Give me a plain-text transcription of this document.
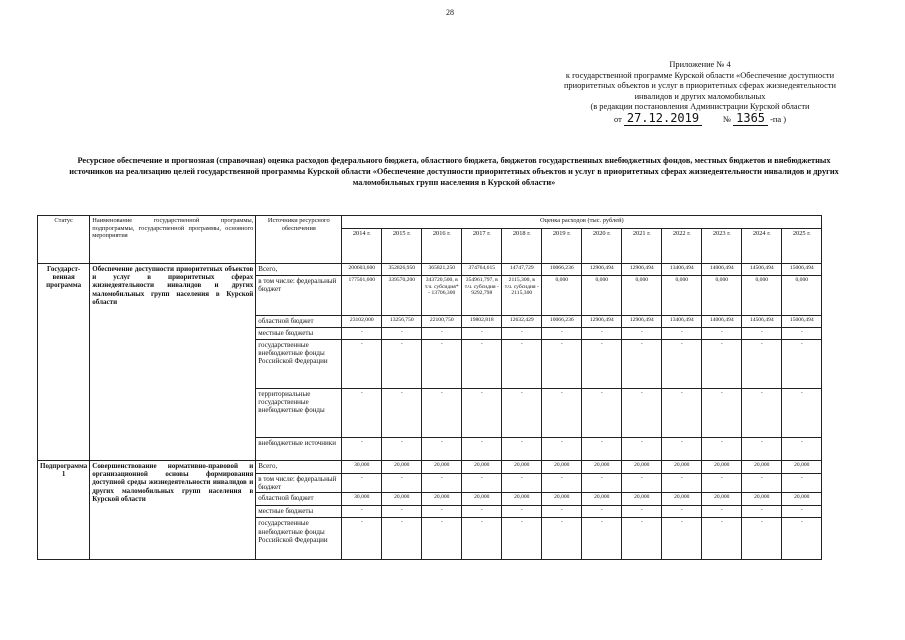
28
Приложение № 4
к государственной программе Курской области «Обеспечение доступности
приоритетных объектов и услуг в приоритетных сферах жизнедеятельности
инвалидов и других маломобильных
(в редакции постановления Администрации Курской области
от 27.12.2019	№ 1365 -па )
Ресурсное обеспечение и прогнозная (справочная) оценка расходов федерального бюджета, областного бюджета, бюджетов государственных внебюджетных фондов, местных бюджетов и внебюджетных источников на реализацию целей государственной программы Курской области «Обеспечение доступности приоритетных объектов и услуг в приоритетных сферах жизнедеятельности инвалидов и других маломобильных групп населения в Курской области»
Статус	Наименование государственной программы, подпрограммы, государственной программы, основного мероприятия	Источники ресурсного обеспечения	Оценка расходов (тыс. рублей)											
			2014 г.	2015 г.	2016 г.	2017 г.	2018 г.	2019 г.	2020 г.	2021 г.	2022 г.	2023 г.	2024 г.	2025 г.
Государст-венная программа	Обеспечение доступности приоритетных объектов и услуг в приоритетных сферах жизнедеятельности инвалидов и других маломобильных групп населения в Курской области	Всего,	200603,600	352826,950	365821,250	374764,615	14747,729	10066,236	12906,494	12906,494	13406,494	14006,494	14506,494	15006,494
		в том числе: федеральный бюджет	177501,600	339570,200	343720,500, в т.ч. субсидия* - 13706,300	354961,797, в т.ч. субсидия - 9292,798	2115,300, в т.ч. субсидия - 2115,300	0,000	0,000	0,000	0,000	0,000	0,000	0,000
		областной бюджет	23102,000	13256,750	22100,750	19802,818	12632,429	10066,236	12906,494	12906,494	13406,494	14006,494	14506,494	15006,494
		местные бюджеты	-	-	-	-	-	-	-	-	-	-	-	-
		государственные внебюджетные фонды Российской Федерации	-	-	-	-	-	-	-	-	-	-	-	-
		территориальные государственные внебюджетные фонды	-	-	-	-	-	-	-	-	-	-	-	-
		внебюджетные источники	-	-	-	-	-	-	-	-	-	-	-	-
Подпрограмма 1	Совершенствование нормативно-правовой и организационной основы формирования доступной среды жизнедеятельности инвалидов и других маломобильных групп населения в Курской области	Всего,	30,000	20,000	20,000	20,000	20,000	20,000	20,000	20,000	20,000	20,000	20,000	20,000
		в том числе: федеральный бюджет	-	-	-	-	-	-	-	-	-	-	-	-
		областной бюджет	30,000	20,000	20,000	20,000	20,000	20,000	20,000	20,000	20,000	20,000	20,000	20,000
		местные бюджеты	-	-	-	-	-	-	-	-	-	-	-	-
		государственные внебюджетные фонды Российской Федерации	-	-	-	-	-	-	-	-	-	-	-	-
